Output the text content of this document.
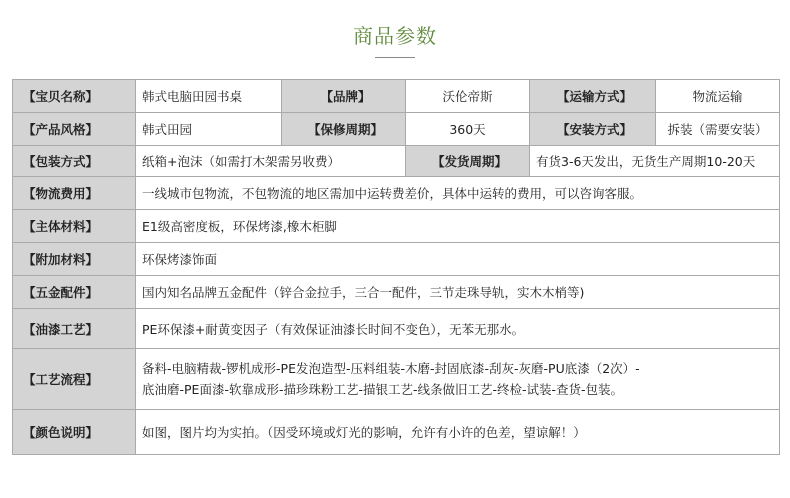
商品参数
【宝贝名称】	韩式电脑田园书桌	【品牌】	沃伦帝斯	【运输方式】	物流运输
【产品风格】	韩式田园	【保修周期】	360天	【安装方式】	拆装（需要安装）
【包装方式】	纸箱+泡沫（如需打木架需另收费）		【发货周期】	有货3-6天发出，无货生产周期10-20天	
【物流费用】	一线城市包物流，不包物流的地区需加中运转费差价，具体中运转的费用，可以咨询客服。				
【主体材料】	E1级高密度板，环保烤漆,橡木柜脚				
【附加材料】	环保烤漆饰面				
【五金配件】	国内知名品牌五金配件（锌合金拉手，三合一配件，三节走珠导轨，实木木梢等)				
【油漆工艺】	PE环保漆+耐黄变因子（有效保证油漆长时间不变色），无苯无那水。				
【工艺流程】	备料-电脑精裁-锣机成形-PE发泡造型-压料组装-木磨-封固底漆-刮灰-灰磨-PU底漆（2次）-
底油磨-PE面漆-软靠成形-描珍珠粉工艺-描银工艺-线条做旧工艺-终检-试装-查货-包装。				

【颜色说明】	如图，图片均为实拍。（因受环境或灯光的影响，允许有小许的色差，望谅解！）				
